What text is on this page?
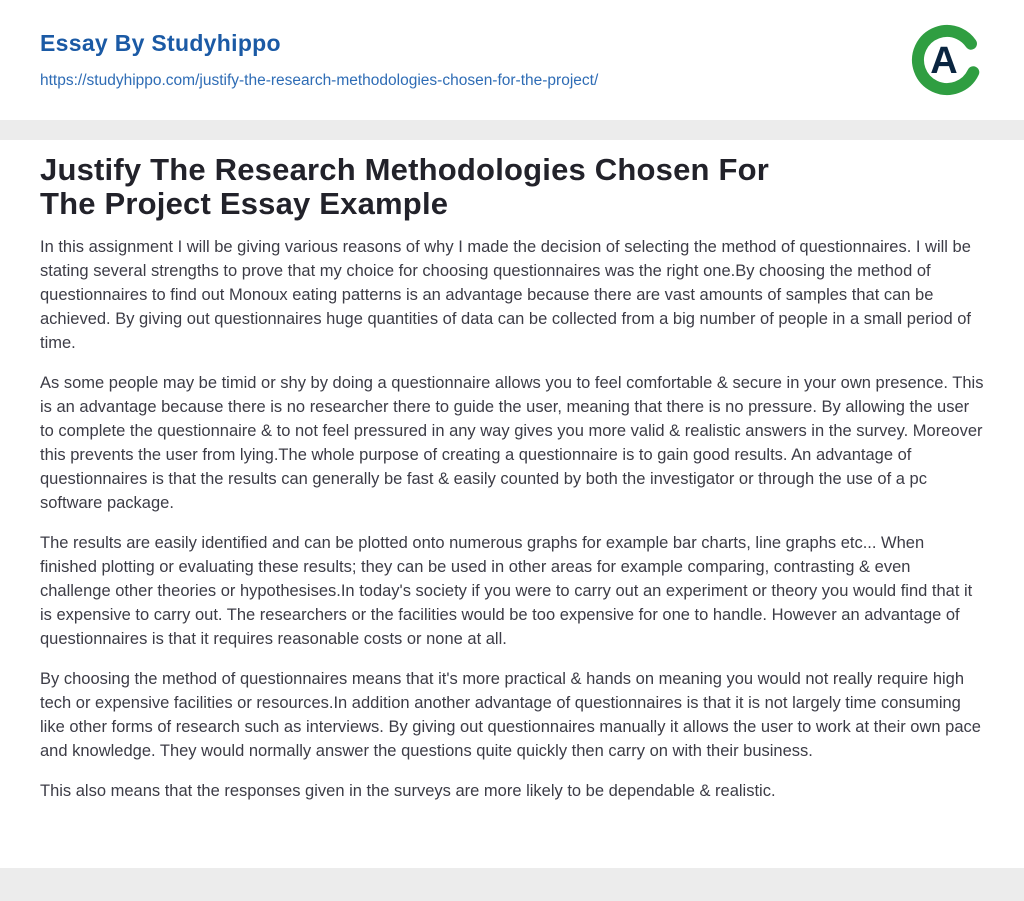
Essay By Studyhippo
https://studyhippo.com/justify-the-research-methodologies-chosen-for-the-project/	A
Justify The Research Methodologies Chosen For
The Project Essay Example

In this assignment I will be giving various reasons of why I made the decision of selecting the method of questionnaires. I will be stating several strengths to prove that my choice for choosing questionnaires was the right one.By choosing the method of questionnaires to find out Monoux eating patterns is an advantage because there are vast amounts of samples that can be achieved. By giving out questionnaires huge quantities of data can be collected from a big number of people in a small period of time.

As some people may be timid or shy by doing a questionnaire allows you to feel comfortable & secure in your own presence. This is an advantage because there is no researcher there to guide the user, meaning that there is no pressure. By allowing the user to complete the questionnaire & to not feel pressured in any way gives you more valid & realistic answers in the survey. Moreover this prevents the user from lying.The whole purpose of creating a questionnaire is to gain good results. An advantage of questionnaires is that the results can generally be fast & easily counted by both the investigator or through the use of a pc software package.

The results are easily identified and can be plotted onto numerous graphs for example bar charts, line graphs etc... When finished plotting or evaluating these results; they can be used in other areas for example comparing, contrasting & even challenge other theories or hypothesises.In today's society if you were to carry out an experiment or theory you would find that it is expensive to carry out. The researchers or the facilities would be too expensive for one to handle. However an advantage of questionnaires is that it requires reasonable costs or none at all.

By choosing the method of questionnaires means that it's more practical & hands on meaning you would not really require high tech or expensive facilities or resources.In addition another advantage of questionnaires is that it is not largely time consuming like other forms of research such as interviews. By giving out questionnaires manually it allows the user to work at their own pace and knowledge. They would normally answer the questions quite quickly then carry on with their business.

This also means that the responses given in the surveys are more likely to be dependable & realistic.
